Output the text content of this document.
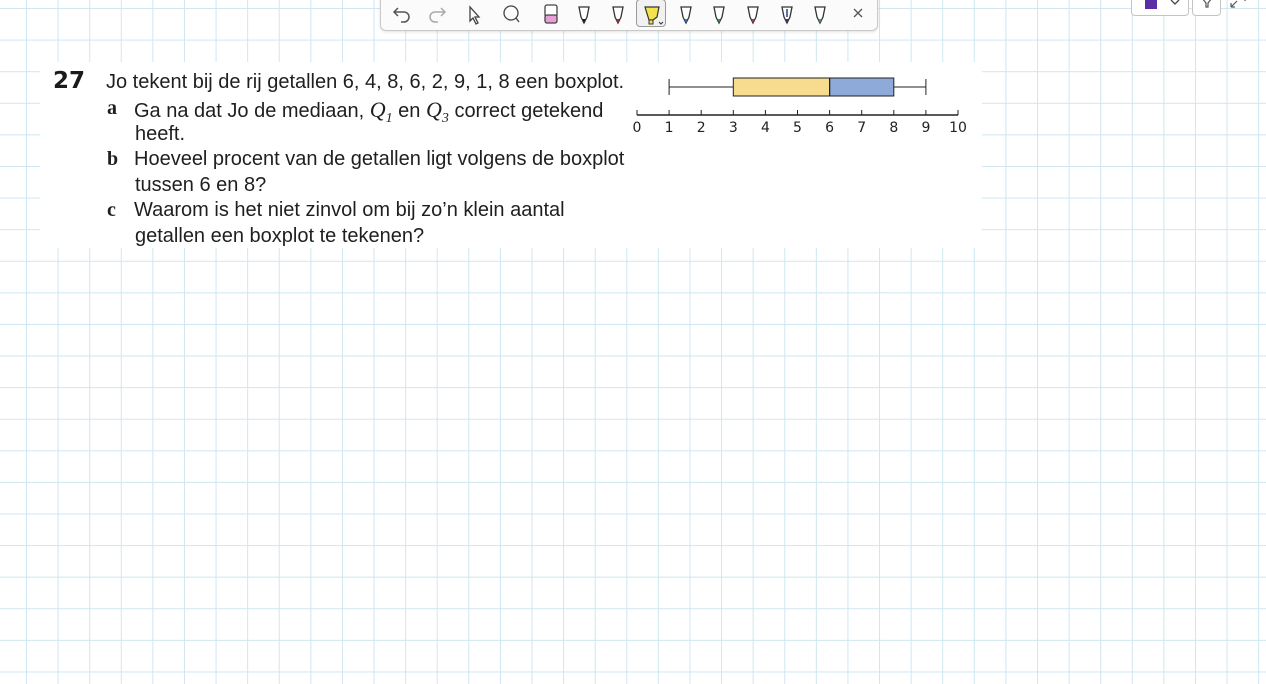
27 Jo tekent bij de rij getallen 6, 4, 8, 6, 2, 9, 1, 8 een boxplot.
a Ga na dat Jo de mediaan, $Q_1$ en $Q_3$ correct getekend
heeft.
b Hoeveel procent van de getallen ligt volgens de boxplot
tussen 6 en 8?
c Waarom is het niet zinvol om bij zo’n klein aantal
getallen een boxplot te tekenen?
0 1 2 3 4 5 6 7 8 9 10
